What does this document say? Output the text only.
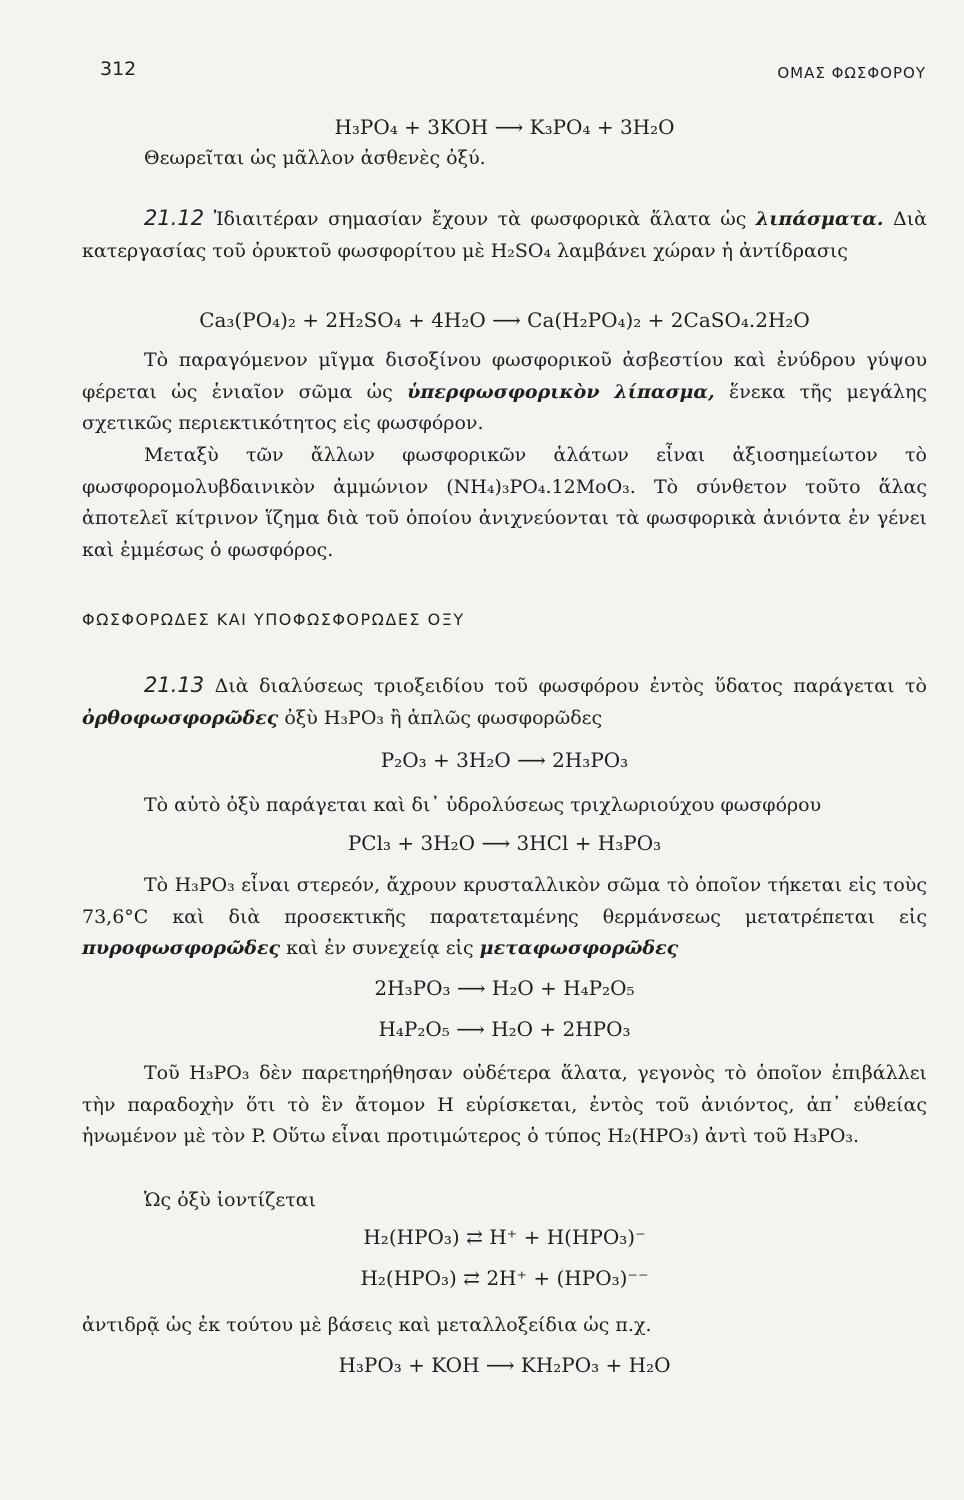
312	ΟΜΑΣ ΦΩΣΦΟΡΟΥ
H₃PO₄ + 3KOH ⟶ K₃PO₄ + 3H₂O

Θεωρεῖται ὡς μᾶλλον ἀσθενὲς ὀξύ.

21.12 Ἰδιαιτέραν σημασίαν ἔχουν τὰ φωσφορικὰ ἅλατα ὡς λιπάσματα. Διὰ κατεργασίας τοῦ ὀρυκτοῦ φωσφορίτου μὲ H₂SO₄ λαμβάνει χώραν ἡ ἀντίδρασις

Ca₃(PO₄)₂ + 2H₂SO₄ + 4H₂O ⟶ Ca(H₂PO₄)₂ + 2CaSO₄.2H₂O

Τὸ παραγόμενον μῖγμα δισοξίνου φωσφορικοῦ ἀσβεστίου καὶ ἐνύδρου γύψου φέρεται ὡς ἑνιαῖον σῶμα ὡς ὑπερφωσφορικὸν λίπασμα, ἕνεκα τῆς μεγάλης σχετικῶς περιεκτικότητος εἰς φωσφόρον.

Μεταξὺ τῶν ἄλλων φωσφορικῶν ἁλάτων εἶναι ἀξιοσημείωτον τὸ φωσφορομολυβδαινικὸν ἀμμώνιον (NH₄)₃PO₄.12MoO₃. Τὸ σύνθετον τοῦτο ἅλας ἀποτελεῖ κίτρινον ἵζημα διὰ τοῦ ὁποίου ἀνιχνεύονται τὰ φωσφορικὰ ἀνιόντα ἐν γένει καὶ ἐμμέσως ὁ φωσφόρος.

ΦΩΣΦΟΡΩΔΕΣ ΚΑΙ ΥΠΟΦΩΣΦΟΡΩΔΕΣ ΟΞΥ

21.13 Διὰ διαλύσεως τριοξειδίου τοῦ φωσφόρου ἐντὸς ὕδατος παράγεται τὸ ὀρθοφωσφορῶδες ὀξὺ H₃PO₃ ἢ ἁπλῶς φωσφορῶδες

P₂O₃ + 3H₂O ⟶ 2H₃PO₃

Τὸ αὐτὸ ὀξὺ παράγεται καὶ δι᾽ ὑδρολύσεως τριχλωριούχου φωσφόρου

PCl₃ + 3H₂O ⟶ 3HCl + H₃PO₃

Τὸ H₃PO₃ εἶναι στερεόν, ἄχρουν κρυσταλλικὸν σῶμα τὸ ὁποῖον τήκεται εἰς τοὺς 73,6°C καὶ διὰ προσεκτικῆς παρατεταμένης θερμάνσεως μετατρέπεται εἰς πυροφωσφορῶδες καὶ ἐν συνεχείᾳ εἰς μεταφωσφορῶδες

2H₃PO₃ ⟶ H₂O + H₄P₂O₅
H₄P₂O₅ ⟶ H₂O + 2HPO₃

Τοῦ H₃PO₃ δὲν παρετηρήθησαν οὐδέτερα ἅλατα, γεγονὸς τὸ ὁποῖον ἐπιβάλλει τὴν παραδοχὴν ὅτι τὸ ἓν ἄτομον H εὑρίσκεται, ἐντὸς τοῦ ἀνιόντος, ἀπ᾽ εὐθείας ἡνωμένον μὲ τὸν P. Οὕτω εἶναι προτιμώτερος ὁ τύπος H₂(HPO₃) ἀντὶ τοῦ H₃PO₃.

Ὡς ὀξὺ ἰοντίζεται

H₂(HPO₃) ⇄ H⁺ + H(HPO₃)⁻
H₂(HPO₃) ⇄ 2H⁺ + (HPO₃)⁻⁻

ἀντιδρᾷ ὡς ἐκ τούτου μὲ βάσεις καὶ μεταλλοξείδια ὡς π.χ.

H₃PO₃ + KOH ⟶ KH₂PO₃ + H₂O
